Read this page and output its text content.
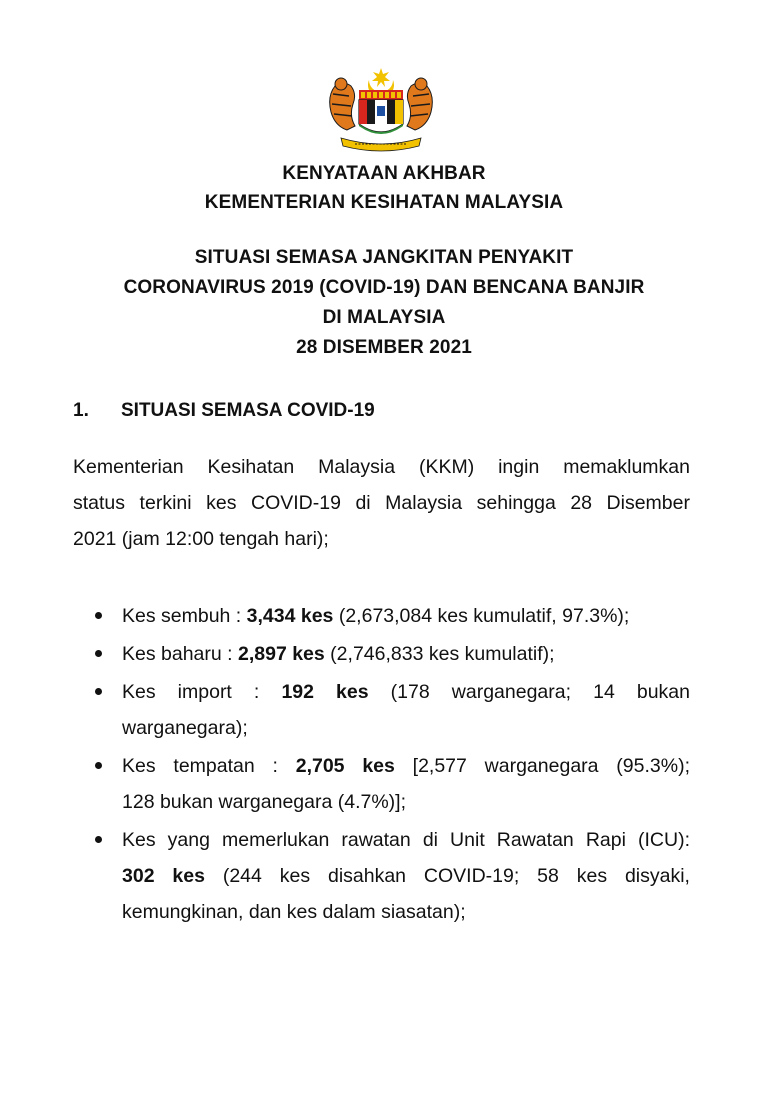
KENYATAAN AKHBAR
KEMENTERIAN KESIHATAN MALAYSIA
SITUASI SEMASA JANGKITAN PENYAKIT
CORONAVIRUS 2019 (COVID-19) DAN BENCANA BANJIR
DI MALAYSIA
28 DISEMBER 2021
1. SITUASI SEMASA COVID-19
Kementerian Kesihatan Malaysia (KKM) ingin memaklumkan
status terkini kes COVID-19 di Malaysia sehingga 28 Disember
2021 (jam 12:00 tengah hari);
Kes sembuh : 3,434 kes (2,673,084 kes kumulatif, 97.3%);
Kes baharu : 2,897 kes (2,746,833 kes kumulatif);
Kes import : 192 kes (178 warganegara; 14 bukan
warganegara);
Kes tempatan : 2,705 kes [2,577 warganegara (95.3%);
128 bukan warganegara (4.7%)];
Kes yang memerlukan rawatan di Unit Rawatan Rapi (ICU):
302 kes (244 kes disahkan COVID-19; 58 kes disyaki,
kemungkinan, dan kes dalam siasatan);
